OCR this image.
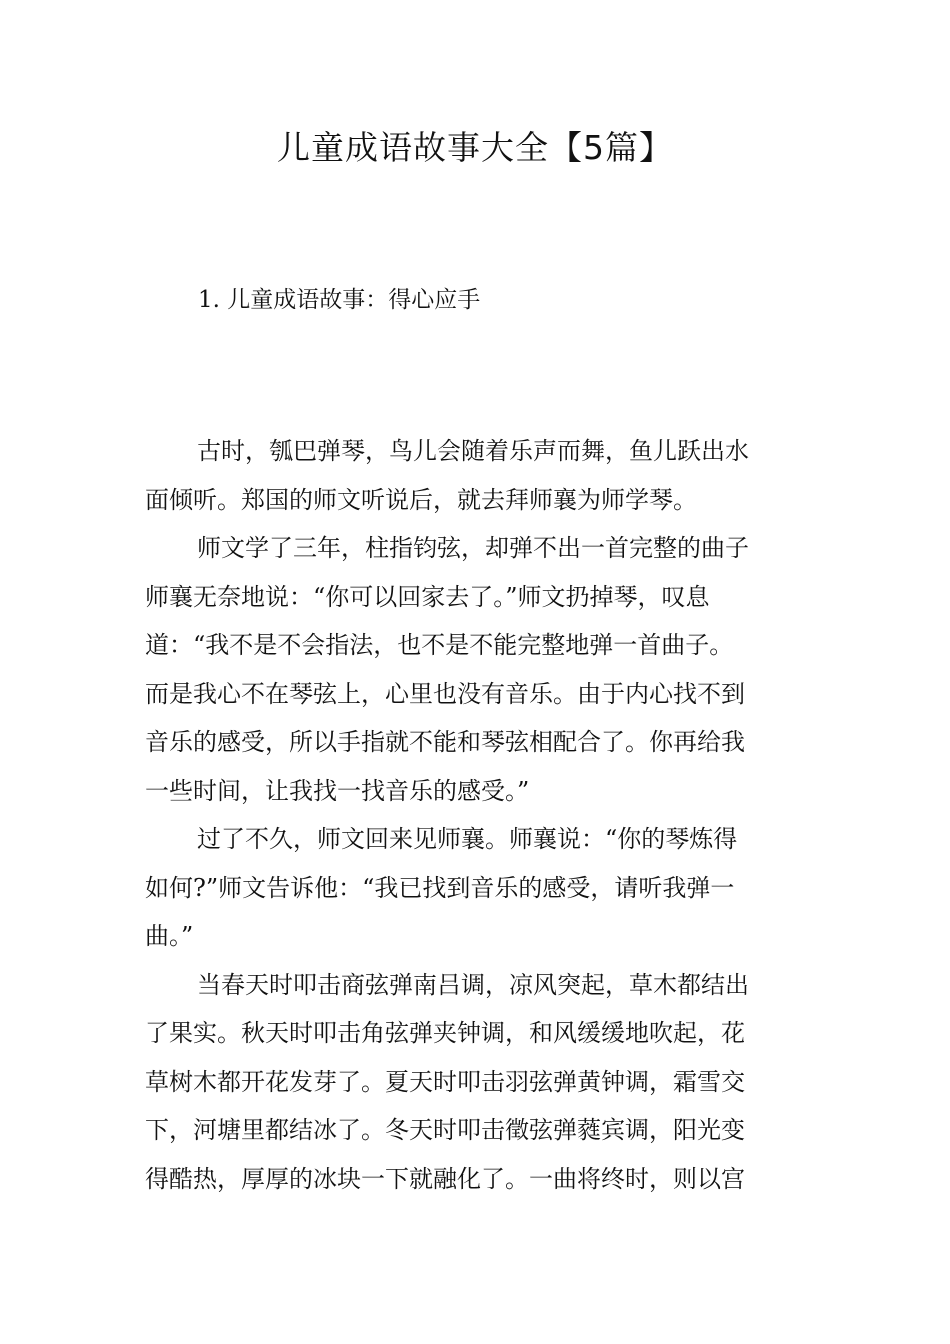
儿童成语故事大全【5篇】

1. 儿童成语故事：得心应手

古时，瓠巴弹琴，鸟儿会随着乐声而舞，鱼儿跃出水
面倾听。郑国的师文听说后，就去拜师襄为师学琴。
师文学了三年，柱指钧弦，却弹不出一首完整的曲子
师襄无奈地说：“你可以回家去了。”师文扔掉琴，叹息
道：“我不是不会指法，也不是不能完整地弹一首曲子。
而是我心不在琴弦上，心里也没有音乐。由于内心找不到
音乐的感受，所以手指就不能和琴弦相配合了。你再给我
一些时间，让我找一找音乐的感受。”
过了不久，师文回来见师襄。师襄说：“你的琴炼得
如何?”师文告诉他：“我已找到音乐的感受，请听我弹一
曲。”
当春天时叩击商弦弹南吕调，凉风突起，草木都结出
了果实。秋天时叩击角弦弹夹钟调，和风缓缓地吹起，花
草树木都开花发芽了。夏天时叩击羽弦弹黄钟调，霜雪交
下，河塘里都结冰了。冬天时叩击徵弦弹蕤宾调，阳光变
得酷热，厚厚的冰块一下就融化了。一曲将终时，则以宫
